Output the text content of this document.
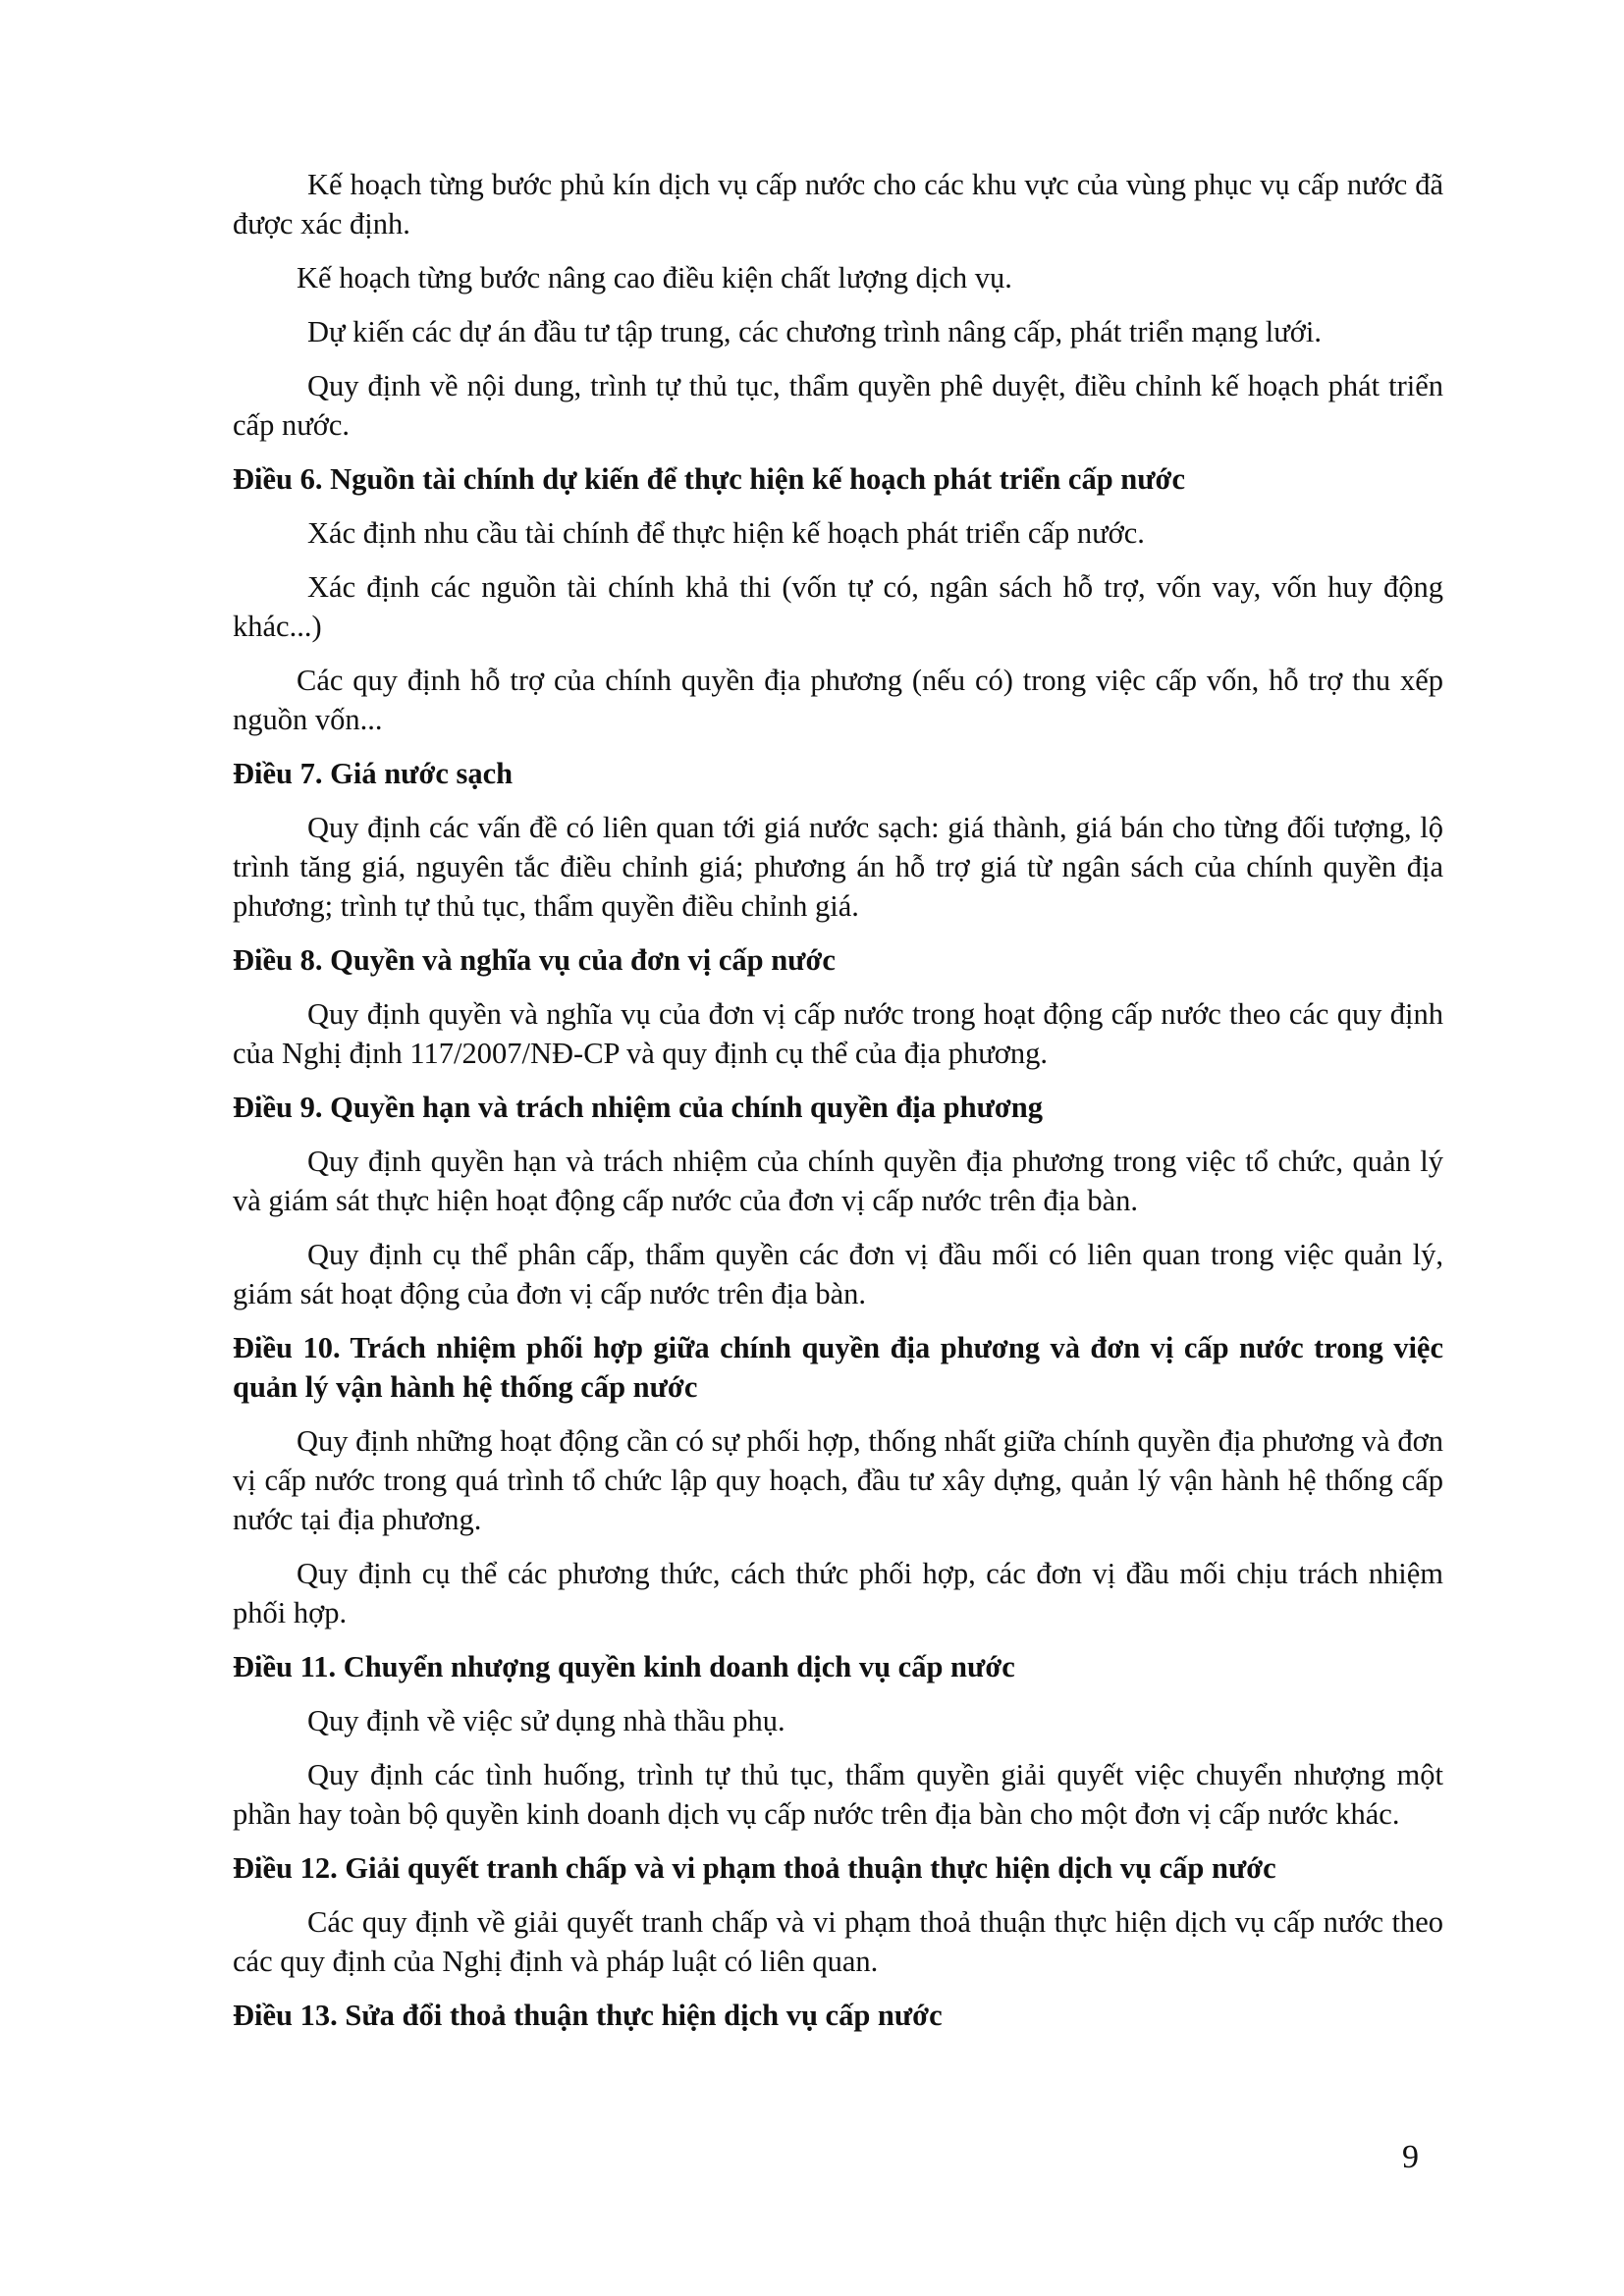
Kế hoạch từng bước phủ kín dịch vụ cấp nước cho các khu vực của vùng phục vụ cấp nước đã được xác định.

Kế hoạch từng bước nâng cao điều kiện chất lượng dịch vụ.

Dự kiến các dự án đầu tư tập trung, các chương trình nâng cấp, phát triển mạng lưới.

Quy định về nội dung, trình tự thủ tục, thẩm quyền phê duyệt, điều chỉnh kế hoạch phát triển cấp nước.

Điều 6. Nguồn tài chính dự kiến để thực hiện kế hoạch phát triển cấp nước

Xác định nhu cầu tài chính để thực hiện kế hoạch phát triển cấp nước.

Xác định các nguồn tài chính khả thi (vốn tự có, ngân sách hỗ trợ, vốn vay, vốn huy động khác...)

Các quy định hỗ trợ của chính quyền địa phương (nếu có) trong việc cấp vốn, hỗ trợ thu xếp nguồn vốn...

Điều 7. Giá nước sạch

Quy định các vấn đề có liên quan tới giá nước sạch: giá thành, giá bán cho từng đối tượng, lộ trình tăng giá, nguyên tắc điều chỉnh giá; phương án hỗ trợ giá từ ngân sách của chính quyền địa phương; trình tự thủ tục, thẩm quyền điều chỉnh giá.

Điều 8. Quyền và nghĩa vụ của đơn vị cấp nước

Quy định quyền và nghĩa vụ của đơn vị cấp nước trong hoạt động cấp nước theo các quy định của Nghị định 117/2007/NĐ-CP và quy định cụ thể của địa phương.

Điều 9. Quyền hạn và trách nhiệm của chính quyền địa phương

Quy định quyền hạn và trách nhiệm của chính quyền địa phương trong việc tổ chức, quản lý và giám sát thực hiện hoạt động cấp nước của đơn vị cấp nước trên địa bàn.

Quy định cụ thể phân cấp, thẩm quyền các đơn vị đầu mối có liên quan trong việc quản lý, giám sát hoạt động của đơn vị cấp nước trên địa bàn.

Điều 10. Trách nhiệm phối hợp giữa chính quyền địa phương và đơn vị cấp nước trong việc quản lý vận hành hệ thống cấp nước

Quy định những hoạt động cần có sự phối hợp, thống nhất giữa chính quyền địa phương và đơn vị cấp nước trong quá trình tổ chức lập quy hoạch, đầu tư xây dựng, quản lý vận hành hệ thống cấp nước tại địa phương.

Quy định cụ thể các phương thức, cách thức phối hợp, các đơn vị đầu mối chịu trách nhiệm phối hợp.

Điều 11. Chuyển nhượng quyền kinh doanh dịch vụ cấp nước

Quy định về việc sử dụng nhà thầu phụ.

Quy định các tình huống, trình tự thủ tục, thẩm quyền giải quyết việc chuyển nhượng một phần hay toàn bộ quyền kinh doanh dịch vụ cấp nước trên địa bàn cho một đơn vị cấp nước khác.

Điều 12. Giải quyết tranh chấp và vi phạm thoả thuận thực hiện dịch vụ cấp nước

Các quy định về giải quyết tranh chấp và vi phạm thoả thuận thực hiện dịch vụ cấp nước theo các quy định của Nghị định và pháp luật có liên quan.

Điều 13. Sửa đổi thoả thuận thực hiện dịch vụ cấp nước

9
